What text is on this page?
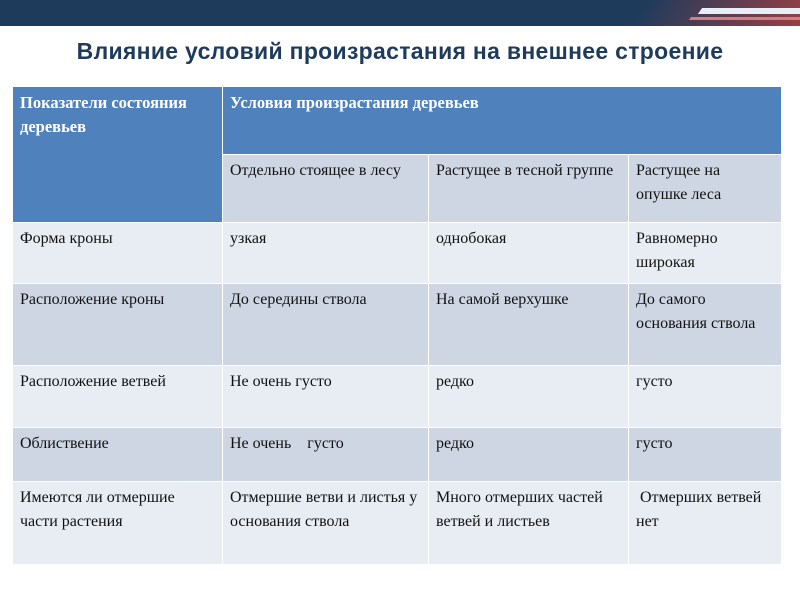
Влияние условий произрастания на внешнее строение
Показатели состояния деревьев	Условия произрастания деревьев		
	Отдельно стоящее в лесу	Растущее в тесной группе	Растущее на опушке леса
Форма кроны	узкая	однобокая	Равномерно широкая
Расположение кроны	До середины ствола	На самой верхушке	До самого основания ствола
Расположение ветвей	Не очень густо	редко	густо
Облиствение	Не очень    густо	редко	густо
Имеются ли отмершие части растения	Отмершие ветви и листья у основания ствола	Много отмерших частей ветвей и листьев	Отмерших ветвей нет
